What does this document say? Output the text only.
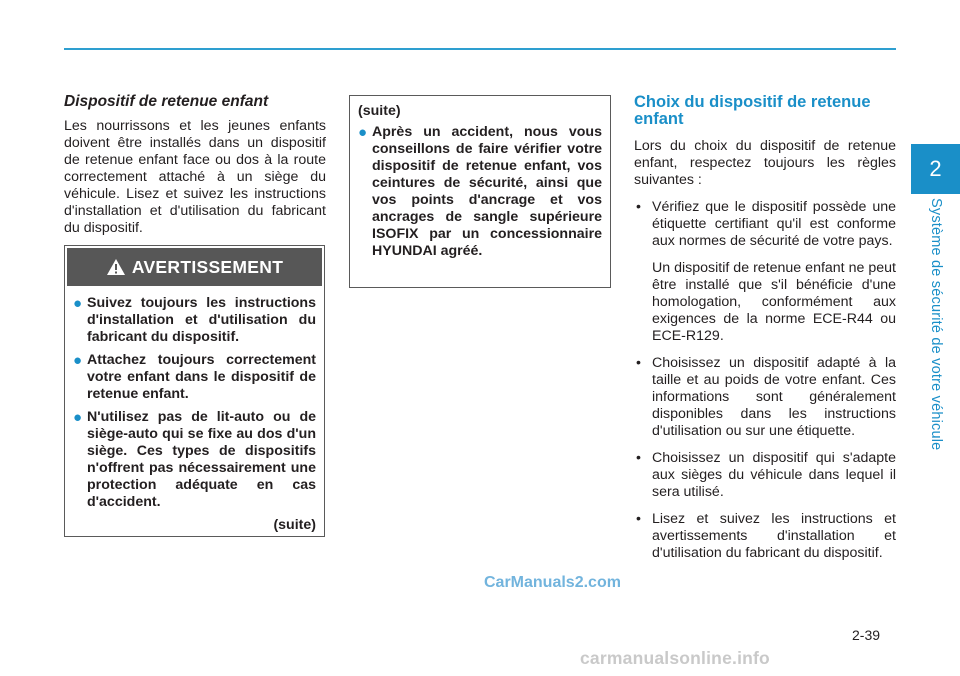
2
Système de sécurité de votre véhicule

Dispositif de retenue enfant

Les nourrissons et les jeunes enfants doivent être installés dans un dispositif de retenue enfant face ou dos à la route correctement attaché à un siège du véhicule. Lisez et suivez les instructions d'installation et d'utilisation du fabricant du dispositif.

AVERTISSEMENT
● Suivez toujours les instructions d'installation et d'utilisation du fabricant du dispositif.
● Attachez toujours correctement votre enfant dans le dispositif de retenue enfant.
● N'utilisez pas de lit-auto ou de siège-auto qui se fixe au dos d'un siège. Ces types de dispositifs n'offrent pas nécessairement une protection adéquate en cas d'accident.
(suite)
(suite)
● Après un accident, nous vous conseillons de faire vérifier votre dispositif de retenue enfant, vos ceintures de sécurité, ainsi que vos points d'ancrage et vos ancrages de sangle supérieure ISOFIX par un concessionnaire HYUNDAI agréé.

Choix du dispositif de retenue enfant

Lors du choix du dispositif de retenue enfant, respectez toujours les règles suivantes :

• Vérifiez que le dispositif possède une étiquette certifiant qu'il est conforme aux normes de sécurité de votre pays.

Un dispositif de retenue enfant ne peut être installé que s'il bénéficie d'une homologation, conformément aux exigences de la norme ECE-R44 ou ECE-R129.

• Choisissez un dispositif adapté à la taille et au poids de votre enfant. Ces informations sont généralement disponibles dans les instructions d'utilisation ou sur une étiquette.

• Choisissez un dispositif qui s'adapte aux sièges du véhicule dans lequel il sera utilisé.

• Lisez et suivez les instructions et avertissements d'installation et d'utilisation du fabricant du dispositif.

2-39
CarManuals2.com
carmanualsonline.info
